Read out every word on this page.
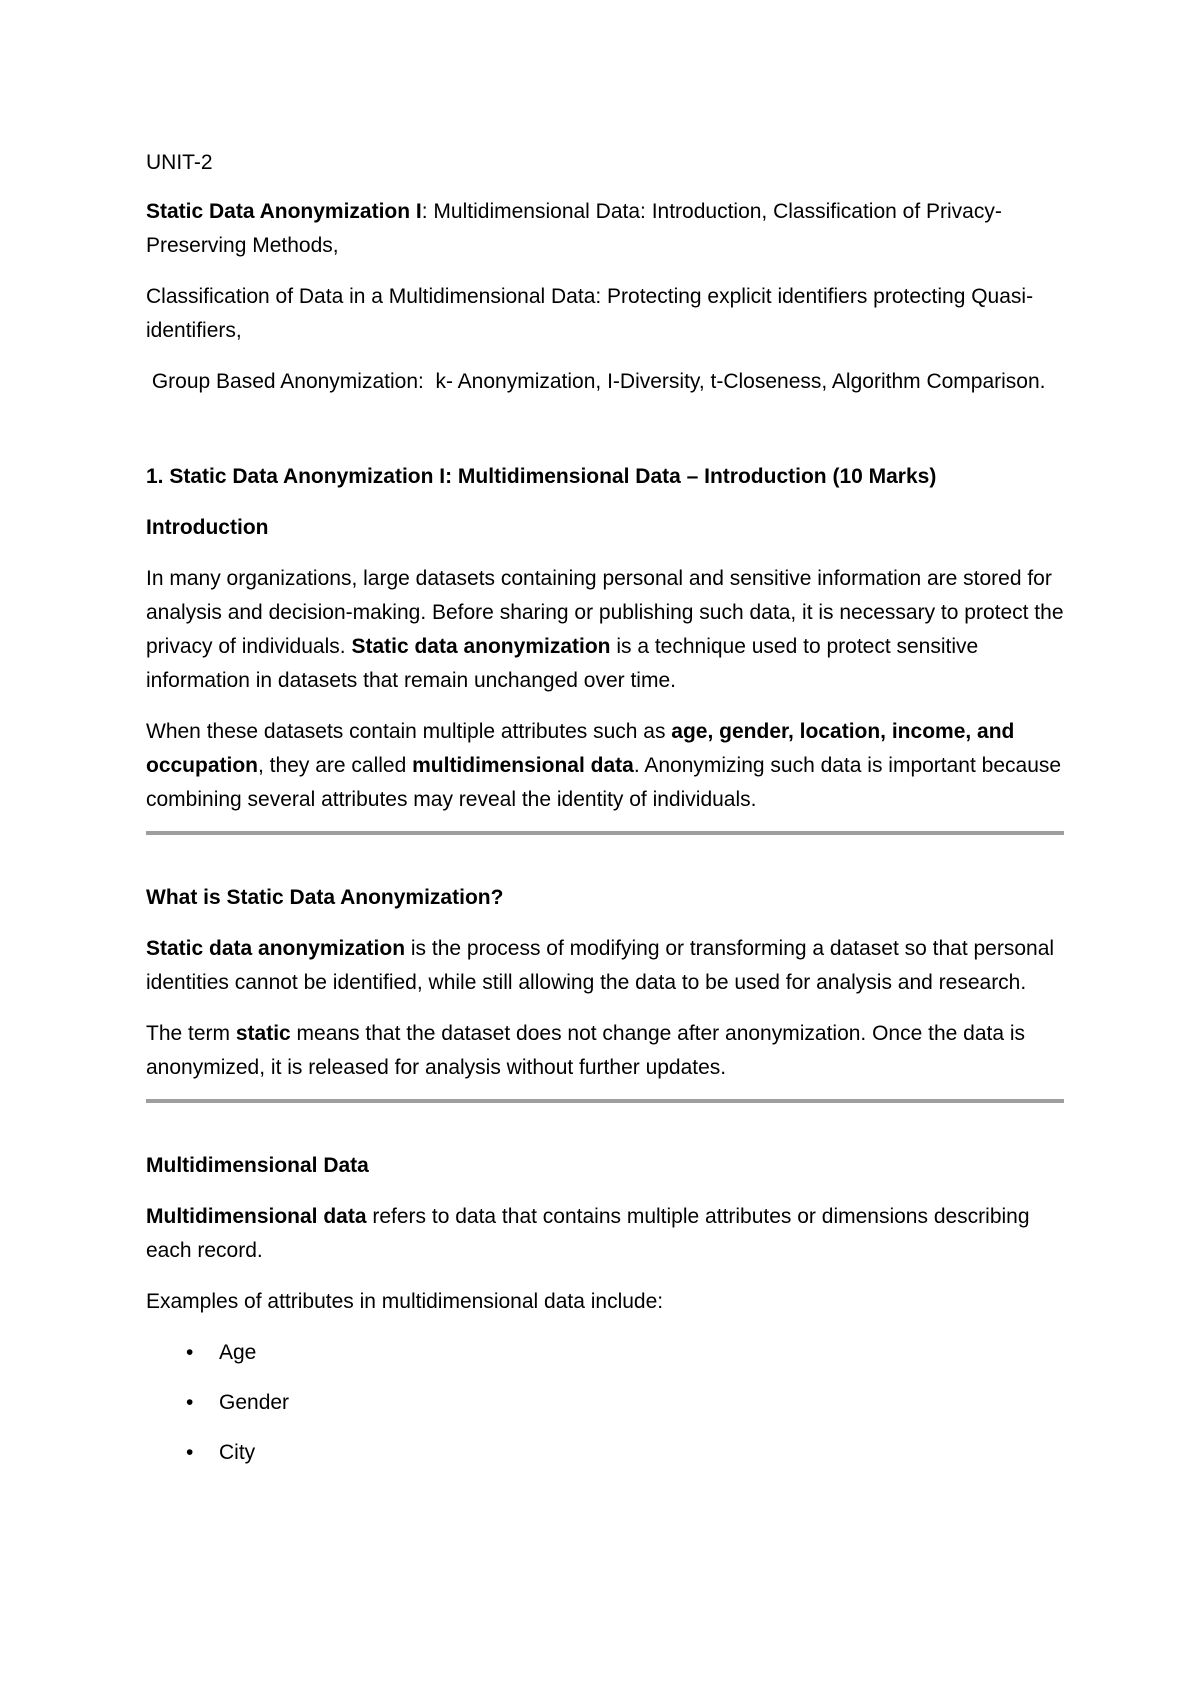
UNIT-2

Static Data Anonymization I: Multidimensional Data: Introduction, Classification of Privacy-Preserving Methods,

Classification of Data in a Multidimensional Data: Protecting explicit identifiers protecting Quasi-identifiers,

Group Based Anonymization:  k- Anonymization, I-Diversity, t-Closeness, Algorithm Comparison.

1. Static Data Anonymization I: Multidimensional Data – Introduction (10 Marks)

Introduction

In many organizations, large datasets containing personal and sensitive information are stored for analysis and decision-making. Before sharing or publishing such data, it is necessary to protect the privacy of individuals. Static data anonymization is a technique used to protect sensitive information in datasets that remain unchanged over time.

When these datasets contain multiple attributes such as age, gender, location, income, and occupation, they are called multidimensional data. Anonymizing such data is important because combining several attributes may reveal the identity of individuals.

What is Static Data Anonymization?

Static data anonymization is the process of modifying or transforming a dataset so that personal identities cannot be identified, while still allowing the data to be used for analysis and research.

The term static means that the dataset does not change after anonymization. Once the data is anonymized, it is released for analysis without further updates.

Multidimensional Data

Multidimensional data refers to data that contains multiple attributes or dimensions describing each record.

Examples of attributes in multidimensional data include:

• Age
• Gender
• City
